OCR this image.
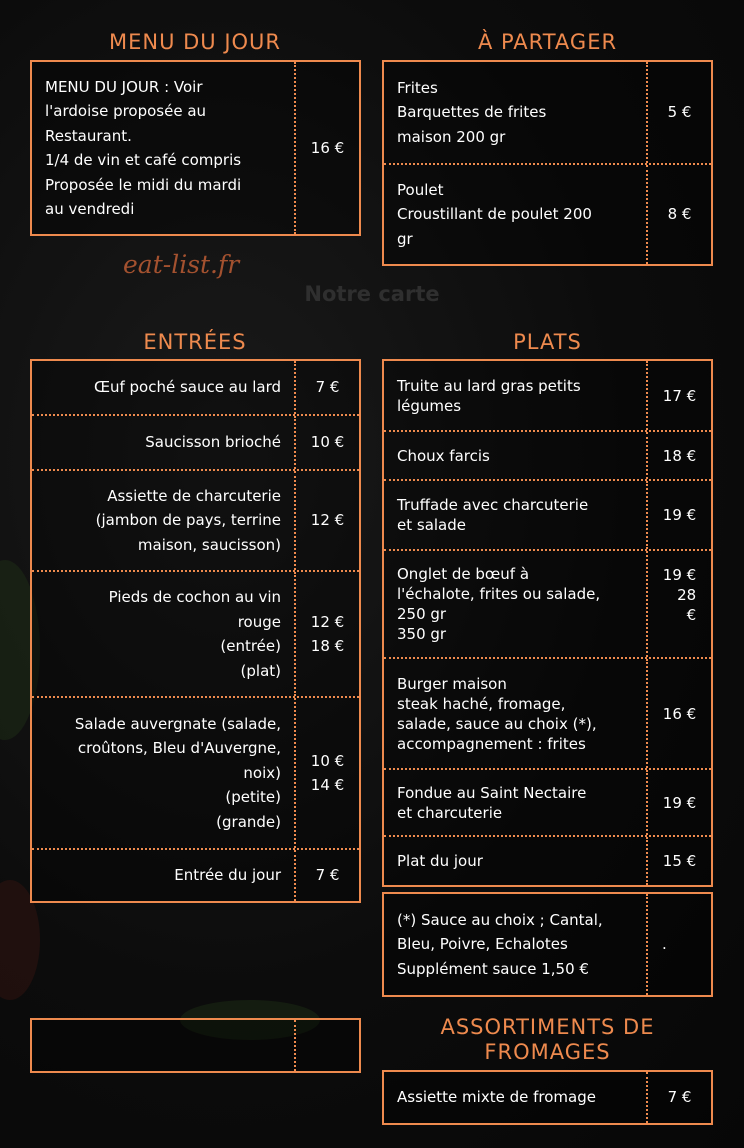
MENU DU JOUR
MENU DU JOUR : Voir
l'ardoise proposée au
Restaurant.
1/4 de vin et café compris
Proposée le midi du mardi
au vendredi
16 €
À PARTAGER
Frites
Barquettes de frites
maison 200 gr
5 €
Poulet
Croustillant de poulet 200
gr
8 €
eat-list.fr
Notre carte
ENTRÉES
Œuf poché sauce au lard	7 €
Saucisson brioché	10 €
Assiette de charcuterie
(jambon de pays, terrine
maison, saucisson)
12 €
Pieds de cochon au vin
rouge
(entrée)
(plat)
12 €
18 €
Salade auvergnate (salade,
croûtons, Bleu d'Auvergne,
noix)
(petite)
(grande)
10 €
14 €
Entrée du jour	7 €
PLATS
Truite au lard gras petits
légumes
17 €
Choux farcis	18 €
Truffade avec charcuterie
et salade
19 €
Onglet de bœuf à
l'échalote, frites ou salade,
250 gr
350 gr
19 €
28
€
Burger maison
steak haché, fromage,
salade, sauce au choix (*),
accompagnement : frites
16 €
Fondue au Saint Nectaire
et charcuterie
19 €
Plat du jour	15 €
(*) Sauce au choix ; Cantal,
Bleu, Poivre, Echalotes
Supplément sauce 1,50 €
.
ASSORTIMENTS DE
FROMAGES
Assiette mixte de fromage	7 €
